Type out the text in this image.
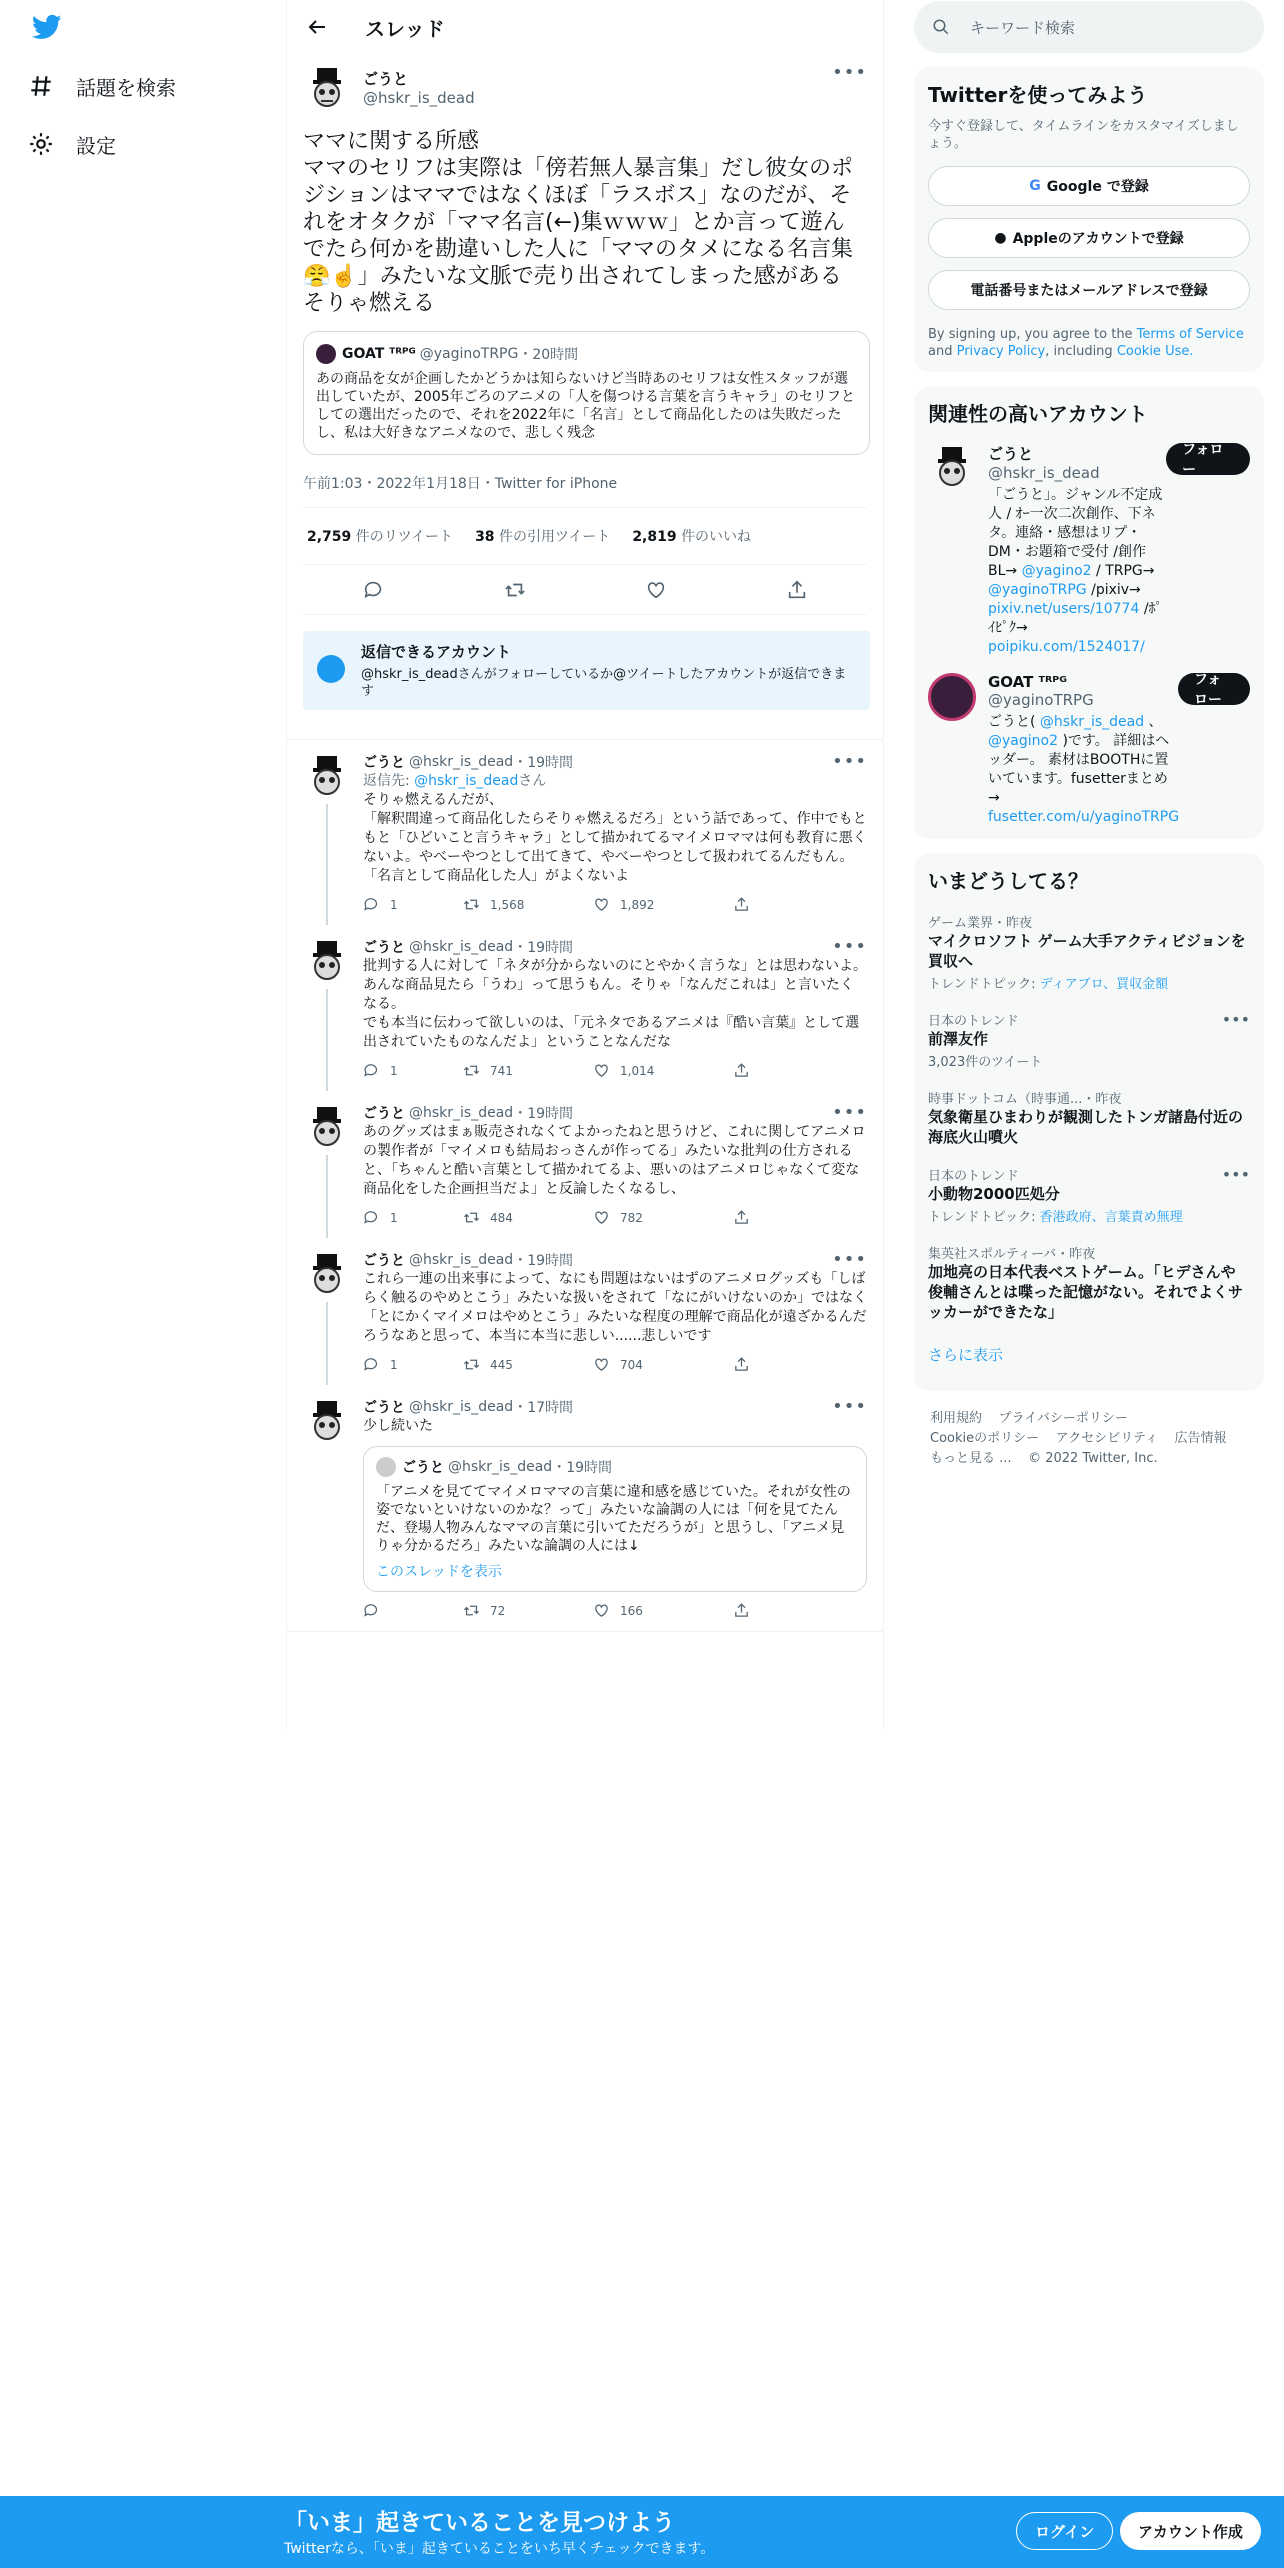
話題を検索
設定
スレッド
ごうと
@hskr_is_dead
•••
ママに関する所感
ママのセリフは実際は「傍若無人暴言集」だし彼女のポジションはママではなくほぼ「ラスボス」なのだが、それをオタクが「ママ名言(←)集ｗｗｗ」とか言って遊んでたら何かを勘違いした人に「ママのタメになる名言集😤☝️」みたいな文脈で売り出されてしまった感がある
そりゃ燃える
GOAT ᵀᴿᴾᴳ @yaginoTRPG ・ 20時間
あの商品を女が企画したかどうかは知らないけど当時あのセリフは女性スタッフが選出していたが、2005年ごろのアニメの「人を傷つける言葉を言うキャラ」のセリフとしての選出だったので、それを2022年に「名言」として商品化したのは失敗だったし、私は大好きなアニメなので、悲しく残念
午前1:03・2022年1月18日・Twitter for iPhone
2,759 件のリツイート 38 件の引用ツイート 2,819 件のいいね
返信できるアカウント
@hskr_is_deadさんがフォローしているか@ツイートしたアカウントが返信できます
ごうと @hskr_is_dead ・ 19時間	•••
返信先: @hskr_is_deadさん
そりゃ燃えるんだが、
「解釈間違って商品化したらそりゃ燃えるだろ」という話であって、作中でもともと「ひどいこと言うキャラ」として描かれてるマイメロママは何も教育に悪くないよ。やべーやつとして出てきて、やべーやつとして扱われてるんだもん。
「名言として商品化した人」がよくないよ
1	1,568	1,892
ごうと @hskr_is_dead ・ 19時間	•••
批判する人に対して「ネタが分からないのにとやかく言うな」とは思わないよ。あんな商品見たら「うわ」って思うもん。そりゃ「なんだこれは」と言いたくなる。
でも本当に伝わって欲しいのは、「元ネタであるアニメは『酷い言葉』として選出されていたものなんだよ」ということなんだな
1	741	1,014
ごうと @hskr_is_dead ・ 19時間	•••
あのグッズはまぁ販売されなくてよかったねと思うけど、これに関してアニメロの製作者が「マイメロも結局おっさんが作ってる」みたいな批判の仕方されると、「ちゃんと酷い言葉として描かれてるよ、悪いのはアニメロじゃなくて変な商品化をした企画担当だよ」と反論したくなるし、
1	484	782
ごうと @hskr_is_dead ・ 19時間	•••
これら一連の出来事によって、なにも問題はないはずのアニメログッズも「しばらく触るのやめとこう」みたいな扱いをされて「なにがいけないのか」ではなく「とにかくマイメロはやめとこう」みたいな程度の理解で商品化が遠ざかるんだろうなあと思って、本当に本当に悲しい......悲しいです
1	445	704
ごうと @hskr_is_dead ・ 17時間	•••
少し続いた
ごうと @hskr_is_dead ・ 19時間
「アニメを見ててマイメロママの言葉に違和感を感じていた。それが女性の姿でないといけないのかな？って」みたいな論調の人には「何を見てたんだ、登場人物みんなママの言葉に引いてただろうが」と思うし、「アニメ見りゃ分かるだろ」みたいな論調の人には↓
このスレッドを表示
72	166
キーワード検索
Twitterを使ってみよう
今すぐ登録して、タイムラインをカスタマイズしましょう。
G Google で登録
● Appleのアカウントで登録
電話番号またはメールアドレスで登録
By signing up, you agree to the Terms of Service and Privacy Policy, including Cookie Use.
関連性の高いアカウント
ごうと
@hskr_is_dead
「ごうと」。ジャンル不定成人 / ｵｰ一次二次創作、下ネタ。連絡・感想はリプ・DM・お題箱で受付 /創作BL→ @yagino2 / TRPG→ @yaginoTRPG /pixiv→ pixiv.net/users/10774 /ﾎﾟｲﾋﾟｸ→ poipiku.com/1524017/
フォロー
GOAT ᵀᴿᴾᴳ
@yaginoTRPG
ごうと( @hskr_is_dead 、 @yagino2 )です。 詳細はヘッダー。 素材はBOOTHに置いています。fusetterまとめ→ fusetter.com/u/yaginoTRPG
フォロー
いまどうしてる？
ゲーム業界・昨夜
マイクロソフト ゲーム大手アクティビジョンを買収へ
トレンドトピック: ディアブロ、買収金額
日本のトレンド
前澤友作
3,023件のツイート
•••
時事ドットコム（時事通...・昨夜
気象衛星ひまわりが観測したトンガ諸島付近の海底火山噴火
日本のトレンド
小動物2000匹処分
トレンドトピック: 香港政府、言葉責め無理
•••
集英社スポルティーバ・昨夜
加地亮の日本代表ベストゲーム。「ヒデさんや俊輔さんとは喋った記憶がない。それでよくサッカーができたな」
さらに表示
利用規約 プライバシーポリシー
Cookieのポリシー アクセシビリティ 広告情報
もっと見る ... © 2022 Twitter, Inc.
「いま」起きていることを見つけよう
Twitterなら、「いま」起きていることをいち早くチェックできます。
ログイン	アカウント作成
